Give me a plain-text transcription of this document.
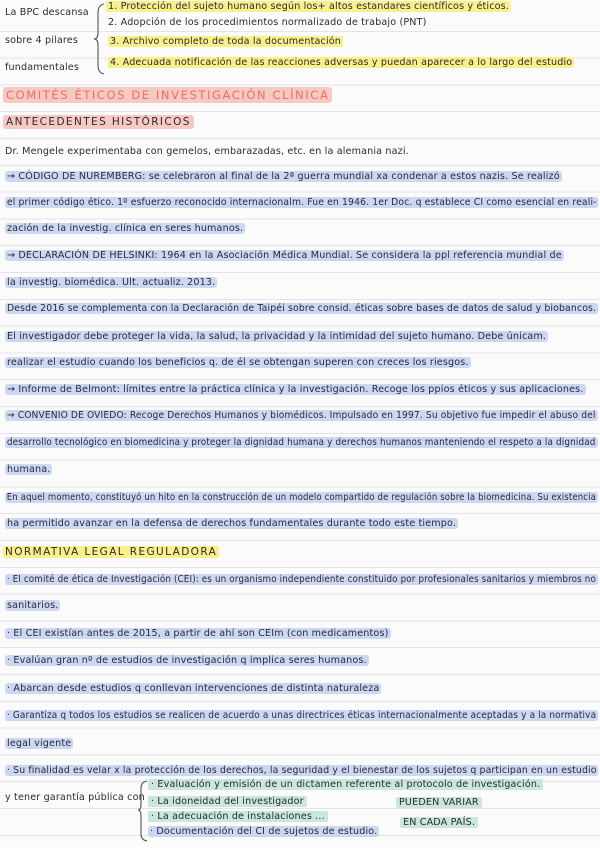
La BPC descansa
sobre 4 pilares
fundamentales
1. Protección del sujeto humano según los+ altos estandares científicos y éticos.
2. Adopción de los procedimientos normalizado de trabajo (PNT)
3. Archivo completo de toda la documentación
4. Adecuada notificación de las reacciones adversas y puedan aparecer a lo largo del estudio
COMITÉS ÉTICOS DE INVESTIGACIÓN CLÍNICA
ANTECEDENTES HISTÓRICOS
Dr. Mengele experimentaba con gemelos, embarazadas, etc. en la alemania nazi.
→ CÓDIGO DE NUREMBERG: se celebraron al final de la 2ª guerra mundial xa condenar a estos nazis. Se realizó
el primer código ético. 1º esfuerzo reconocido internacionalm. Fue en 1946. 1er Doc. q establece CI como esencial en reali-
zación de la investig. clínica en seres humanos.
→ DECLARACIÓN DE HELSINKI: 1964 en la Asociación Médica Mundial. Se considera la ppl referencia mundial de
la investig. biomédica. Ult. actualiz. 2013.
Desde 2016 se complementa con la Declaración de Taipéi sobre consid. éticas sobre bases de datos de salud y biobancos.
El investigador debe proteger la vida, la salud, la privacidad y la intimidad del sujeto humano. Debe únicam.
realizar el estudio cuando los beneficios q. de él se obtengan superen con creces los riesgos.
→ Informe de Belmont: límites entre la práctica clínica y la investigación. Recoge los ppios éticos y sus aplicaciones.
→ CONVENIO DE OVIEDO: Recoge Derechos Humanos y biomédicos. Impulsado en 1997. Su objetivo fue impedir el abuso del
desarrollo tecnológico en biomedicina y proteger la dignidad humana y derechos humanos manteniendo el respeto a la dignidad
humana.
En aquel momento, constituyó un hito en la construcción de un modelo compartido de regulación sobre la biomedicina. Su existencia
ha permitido avanzar en la defensa de derechos fundamentales durante todo este tiempo.
NORMATIVA LEGAL REGULADORA
· El comité de ética de Investigación (CEI): es un organismo independiente constituido por profesionales sanitarios y miembros no
sanitarios.
· El CEI existían antes de 2015, a partir de ahí son CEIm (con medicamentos)
· Evalúan gran nº de estudios de investigación q implica seres humanos.
· Abarcan desde estudios q conllevan intervenciones de distinta naturaleza
· Garantiza q todos los estudios se realicen de acuerdo a unas directrices éticas internacionalmente aceptadas y a la normativa
legal vigente
· Su finalidad es velar x la protección de los derechos, la seguridad y el bienestar de los sujetos q participan en un estudio
y tener garantía pública con
· Evaluación y emisión de un dictamen referente al protocolo de investigación.
· La idoneidad del investigador
· La adecuación de instalaciones ...
· Documentación del CI de sujetos de estudio.
PUEDEN VARIAR
EN CADA PAÍS.
